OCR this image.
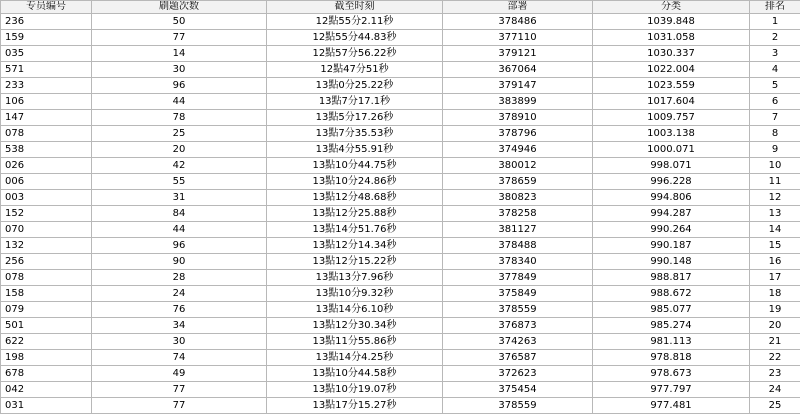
专员编号	刷题次数	截至时刻	部署	分类	排名
236	50	12點55分2.11秒	378486	1039.848	1
159	77	12點55分44.83秒	377110	1031.058	2
035	14	12點57分56.22秒	379121	1030.337	3
571	30	12點47分51秒	367064	1022.004	4
233	96	13點0分25.22秒	379147	1023.559	5
106	44	13點7分17.1秒	383899	1017.604	6
147	78	13點5分17.26秒	378910	1009.757	7
078	25	13點7分35.53秒	378796	1003.138	8
538	20	13點4分55.91秒	374946	1000.071	9
026	42	13點10分44.75秒	380012	998.071	10
006	55	13點10分24.86秒	378659	996.228	11
003	31	13點12分48.68秒	380823	994.806	12
152	84	13點12分25.88秒	378258	994.287	13
070	44	13點14分51.76秒	381127	990.264	14
132	96	13點12分14.34秒	378488	990.187	15
256	90	13點12分15.22秒	378340	990.148	16
078	28	13點13分7.96秒	377849	988.817	17
158	24	13點10分9.32秒	375849	988.672	18
079	76	13點14分6.10秒	378559	985.077	19
501	34	13點12分30.34秒	376873	985.274	20
622	30	13點11分55.86秒	374263	981.113	21
198	74	13點14分4.25秒	376587	978.818	22
678	49	13點10分44.58秒	372623	978.673	23
042	77	13點10分19.07秒	375454	977.797	24
031	77	13點17分15.27秒	378559	977.481	25
